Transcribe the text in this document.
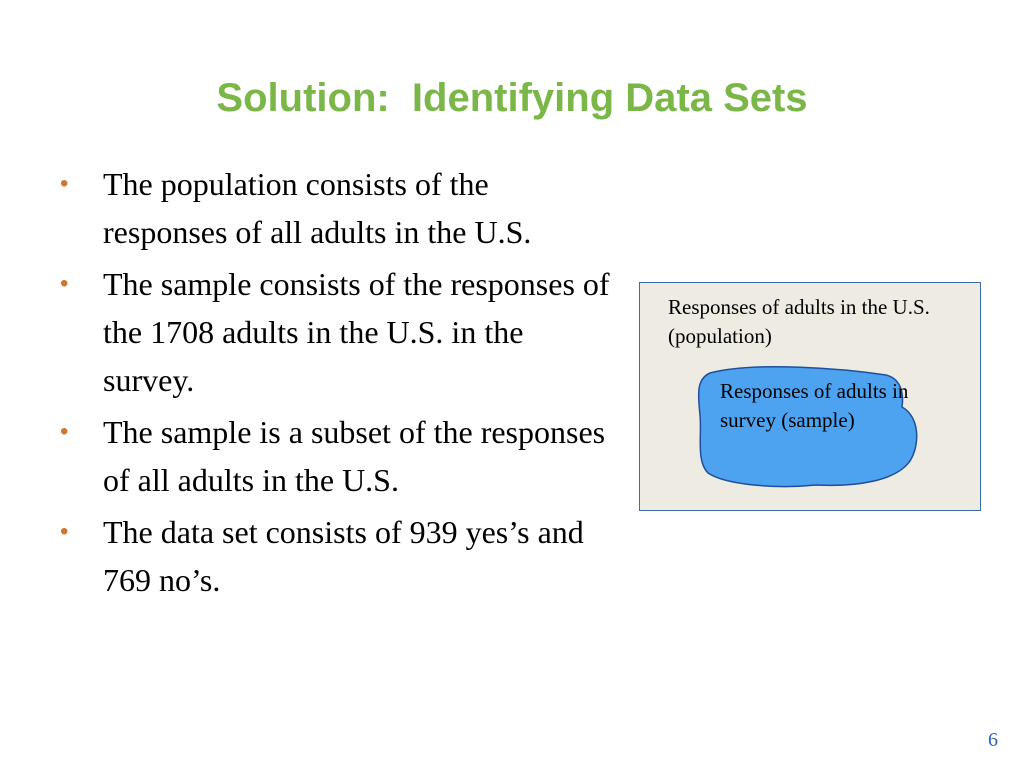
Solution:  Identifying Data Sets
•	The population consists of the responses of all adults in the U.S.
•	The sample consists of the responses of the 1708 adults in the U.S. in the survey.
•	The sample is a subset of the responses of all adults in the U.S.
•	The data set consists of 939 yes’s and 769 no’s.
Responses of adults in the U.S. (population)
Responses of adults in survey (sample)
6
